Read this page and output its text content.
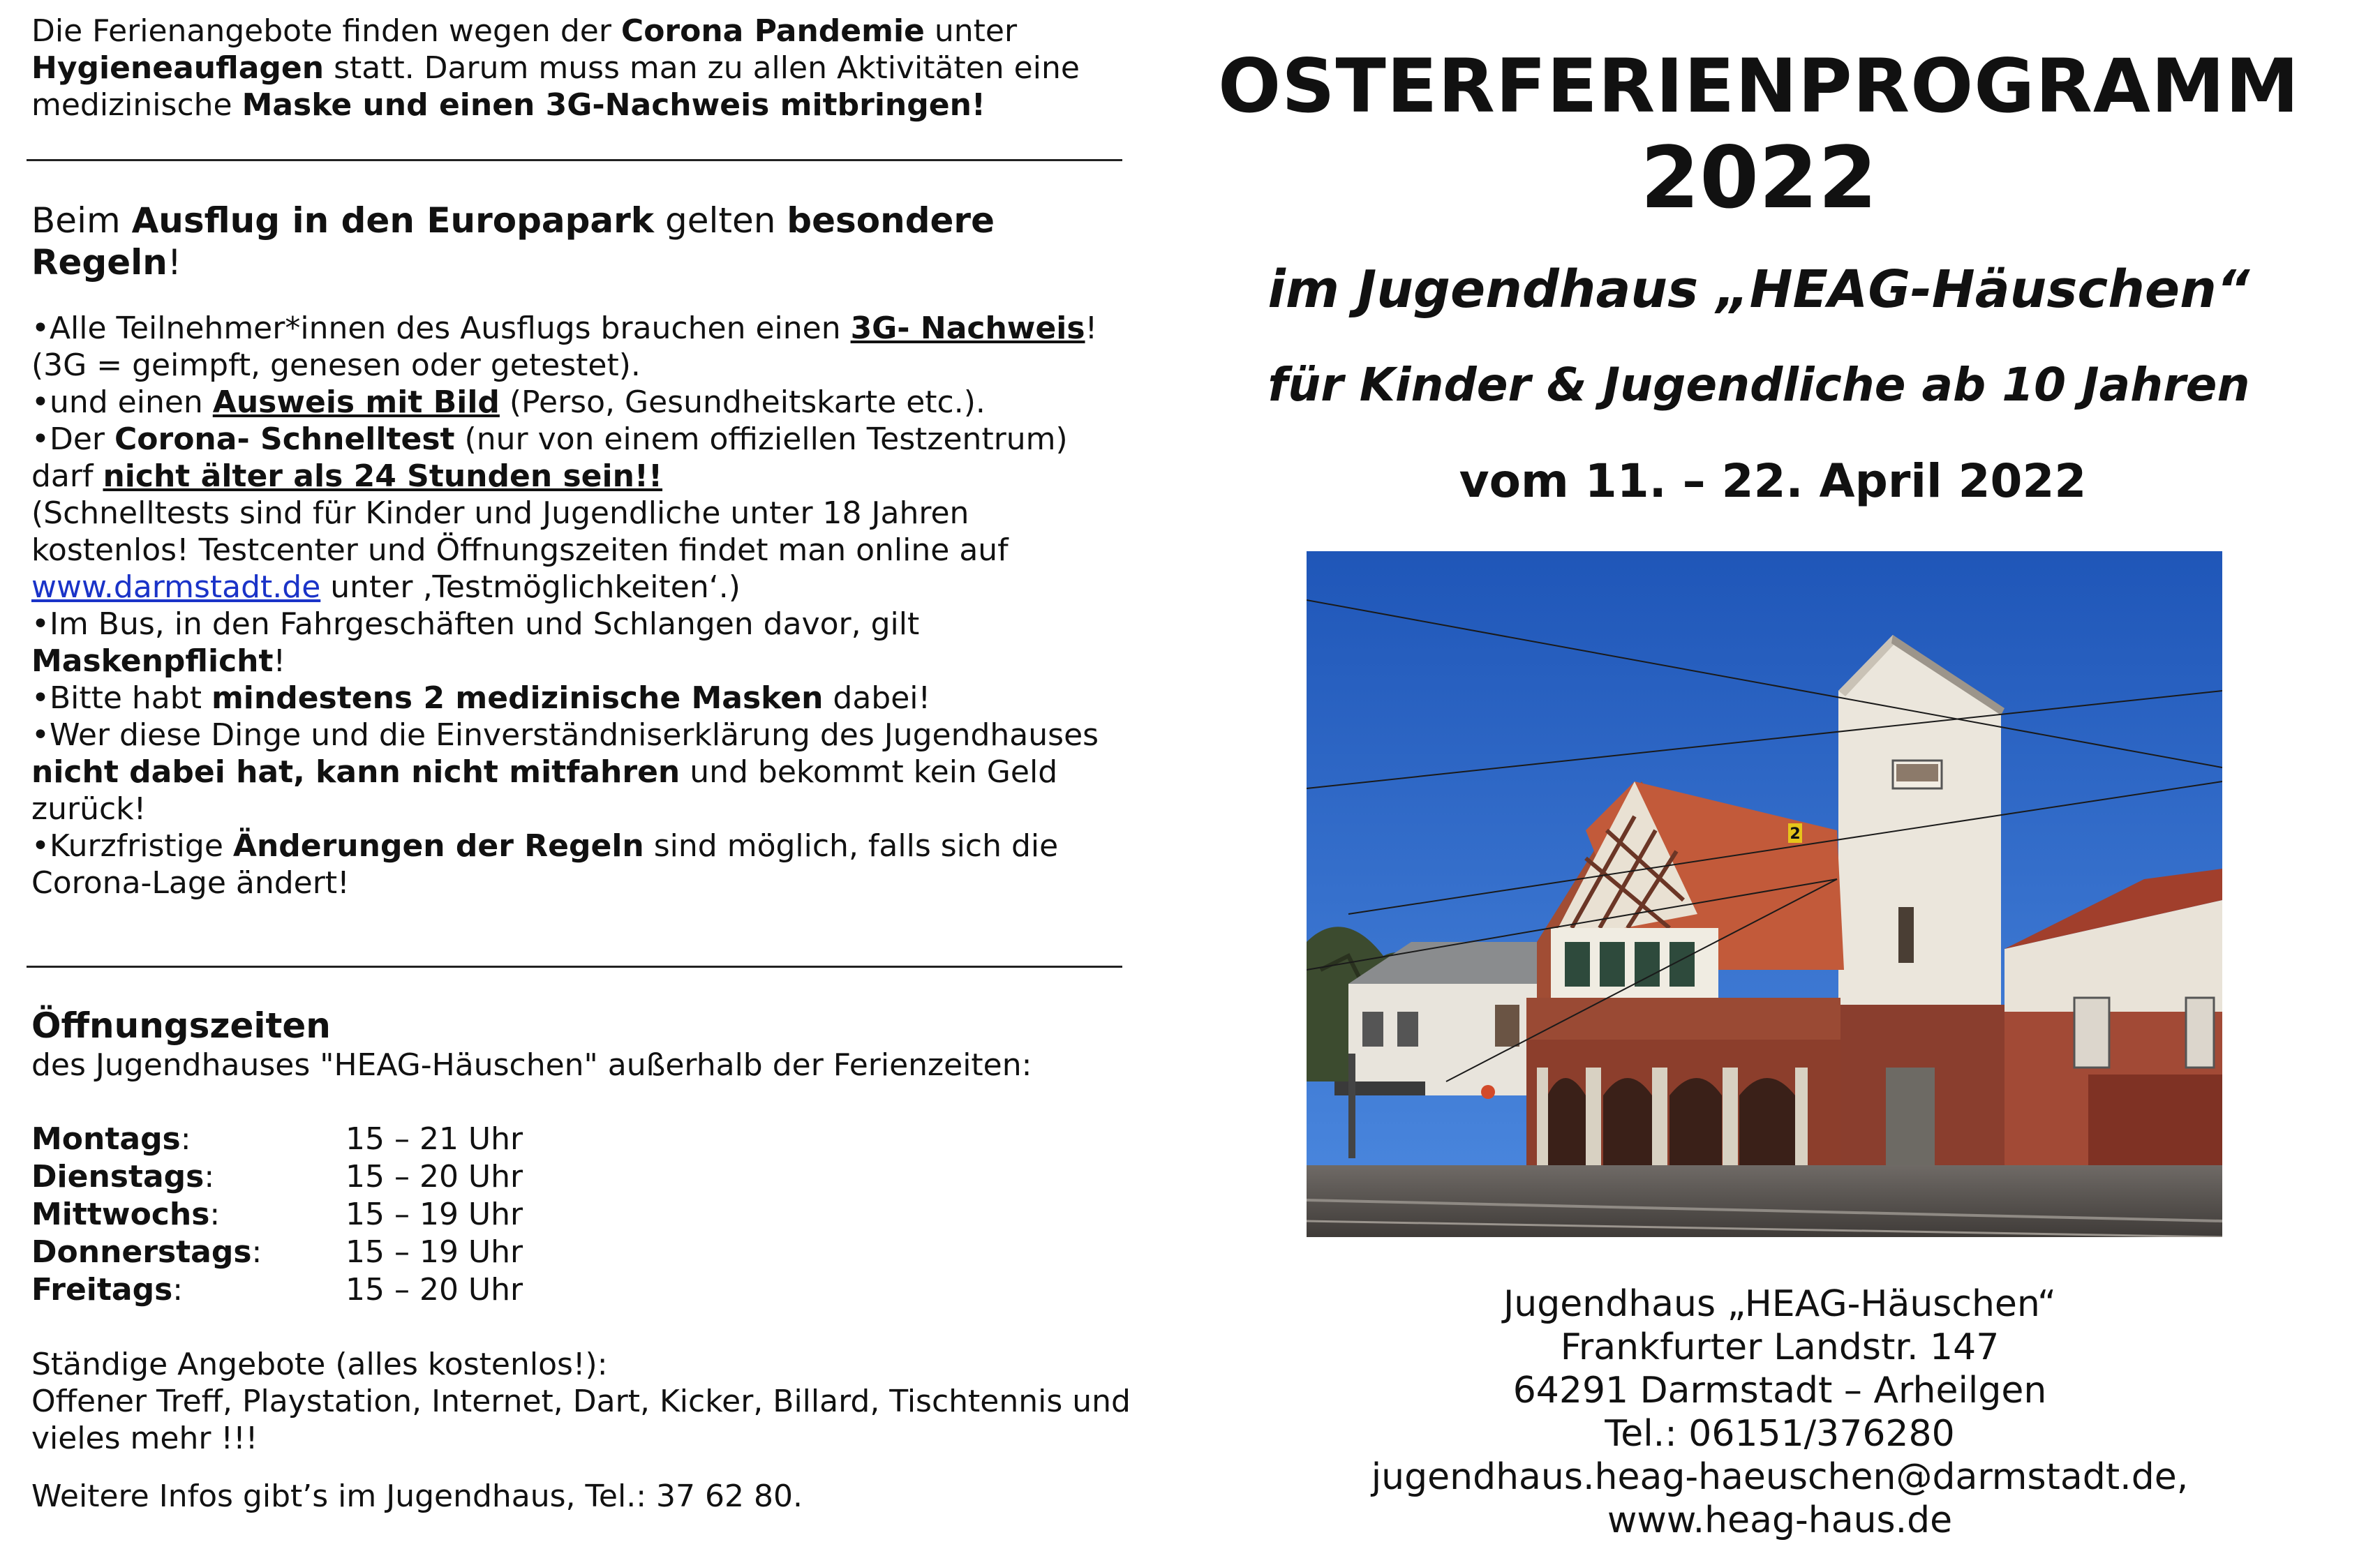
Die Ferienangebote finden wegen der Corona Pandemie unter Hygieneauflagen statt. Darum muss man zu allen Aktivitäten eine medizinische Maske und einen 3G-Nachweis mitbringen!

Beim Ausflug in den Europapark gelten besondere Regeln!

• Alle Teilnehmer*innen des Ausflugs brauchen einen 3G- Nachweis!

(3G = geimpft, genesen oder getestet).

• und einen Ausweis mit Bild (Perso, Gesundheitskarte etc.).

• Der Corona- Schnelltest (nur von einem offiziellen Testzentrum) darf nicht älter als 24 Stunden sein!!

(Schnelltests sind für Kinder und Jugendliche unter 18 Jahren kostenlos! Testcenter und Öffnungszeiten findet man online auf www.darmstadt.de unter ‚Testmöglichkeiten‘.)

• Im Bus, in den Fahrgeschäften und Schlangen davor, gilt Maskenpflicht!

• Bitte habt mindestens 2 medizinische Masken dabei!

• Wer diese Dinge und die Einverständniserklärung des Jugendhauses nicht dabei hat, kann nicht mitfahren und bekommt kein Geld zurück!

• Kurzfristige Änderungen der Regeln sind möglich, falls sich die Corona-Lage ändert!

Öffnungszeiten

des Jugendhauses "HEAG-Häuschen" außerhalb der Ferienzeiten:

Montags:	15 – 21 Uhr
Dienstags:	15 – 20 Uhr
Mittwochs:	15 – 19 Uhr
Donnerstags:	15 – 19 Uhr
Freitags:	15 – 20 Uhr

Ständige Angebote (alles kostenlos!):

Offener Treff, Playstation, Internet, Dart, Kicker, Billard, Tischtennis und vieles mehr !!!

Weitere Infos gibt’s im Jugendhaus, Tel.: 37 62 80.

OSTERFERIENPROGRAMM
2022
im Jugendhaus „HEAG-Häuschen“
für Kinder & Jugendliche ab 10 Jahren
vom 11. – 22. April 2022
2
Jugendhaus „HEAG-Häuschen“
Frankfurter Landstr. 147
64291 Darmstadt – Arheilgen
Tel.: 06151/376280
jugendhaus.heag-haeuschen@darmstadt.de,
www.heag-haus.de
